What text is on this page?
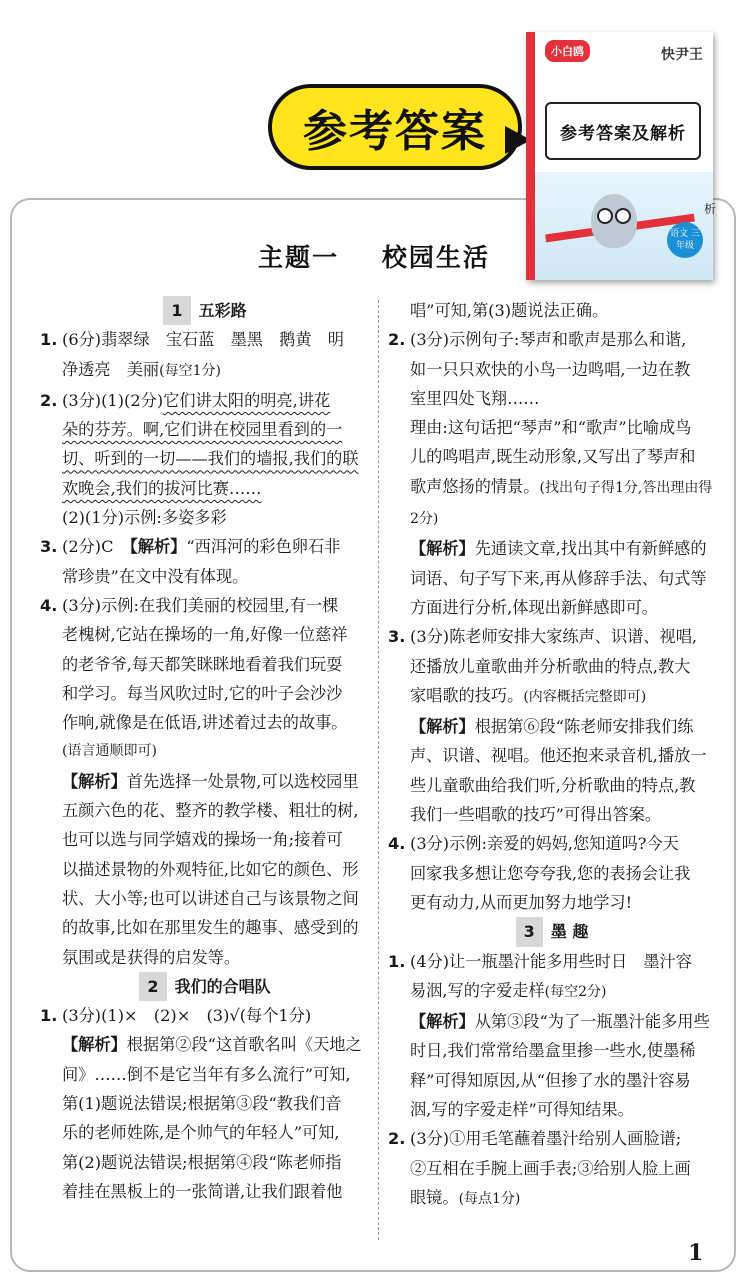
参考答案
小白鸥	快尹王
参考答案及解析
语文 三年级
析
主题一    校园生活
1 五彩路
1. (6分)翡翠绿　宝石蓝　墨黑　鹅黄　明
净透亮　美丽(每空1分)
2. (3分)(1)(2分)它们讲太阳的明亮,讲花
朵的芬芳。啊,它们讲在校园里看到的一
切、听到的一切——我们的墙报,我们的联
欢晚会,我们的拔河比赛……
(2)(1分)示例:多姿多彩
3. (2分)C　 【解析】“西洱河的彩色卵石非
常珍贵”在文中没有体现。
4. (3分)示例:在我们美丽的校园里,有一棵
老槐树,它站在操场的一角,好像一位慈祥
的老爷爷,每天都笑眯眯地看着我们玩耍
和学习。每当风吹过时,它的叶子会沙沙
作响,就像是在低语,讲述着过去的故事。
(语言通顺即可)
【解析】首先选择一处景物,可以选校园里
五颜六色的花、整齐的教学楼、粗壮的树,
也可以选与同学嬉戏的操场一角;接着可
以描述景物的外观特征,比如它的颜色、形
状、大小等;也可以讲述自己与该景物之间
的故事,比如在那里发生的趣事、感受到的
氛围或是获得的启发等。
2 我们的合唱队
1. (3分)(1)×　(2)×　(3)√(每个1分)
【解析】根据第②段“这首歌名叫《天地之
间》……倒不是它当年有多么流行”可知,
第(1)题说法错误;根据第③段“教我们音
乐的老师姓陈,是个帅气的年轻人”可知,
第(2)题说法错误;根据第④段“陈老师指
着挂在黑板上的一张简谱,让我们跟着他
唱”可知,第(3)题说法正确。
2. (3分)示例句子:琴声和歌声是那么和谐,
如一只只欢快的小鸟一边鸣唱,一边在教
室里四处飞翔……
理由:这句话把“琴声”和“歌声”比喻成鸟
儿的鸣唱声,既生动形象,又写出了琴声和
歌声悠扬的情景。(找出句子得1分,答出理由得2分)
【解析】先通读文章,找出其中有新鲜感的
词语、句子写下来,再从修辞手法、句式等
方面进行分析,体现出新鲜感即可。
3. (3分)陈老师安排大家练声、识谱、视唱,
还播放儿童歌曲并分析歌曲的特点,教大
家唱歌的技巧。(内容概括完整即可)
【解析】根据第⑥段“陈老师安排我们练
声、识谱、视唱。他还抱来录音机,播放一
些儿童歌曲给我们听,分析歌曲的特点,教
我们一些唱歌的技巧”可得出答案。
4. (3分)示例:亲爱的妈妈,您知道吗?今天
回家我多想让您夸夸我,您的表扬会让我
更有动力,从而更加努力地学习!
3 墨 趣
1. (4分)让一瓶墨汁能多用些时日　墨汁容
易洇,写的字爱走样(每空2分)
【解析】从第③段“为了一瓶墨汁能多用些
时日,我们常常给墨盒里掺一些水,使墨稀
释”可得知原因,从“但掺了水的墨汁容易
洇,写的字爱走样”可得知结果。
2. (3分)①用毛笔蘸着墨汁给别人画脸谱;
②互相在手腕上画手表;③给别人脸上画
眼镜。(每点1分)
1
